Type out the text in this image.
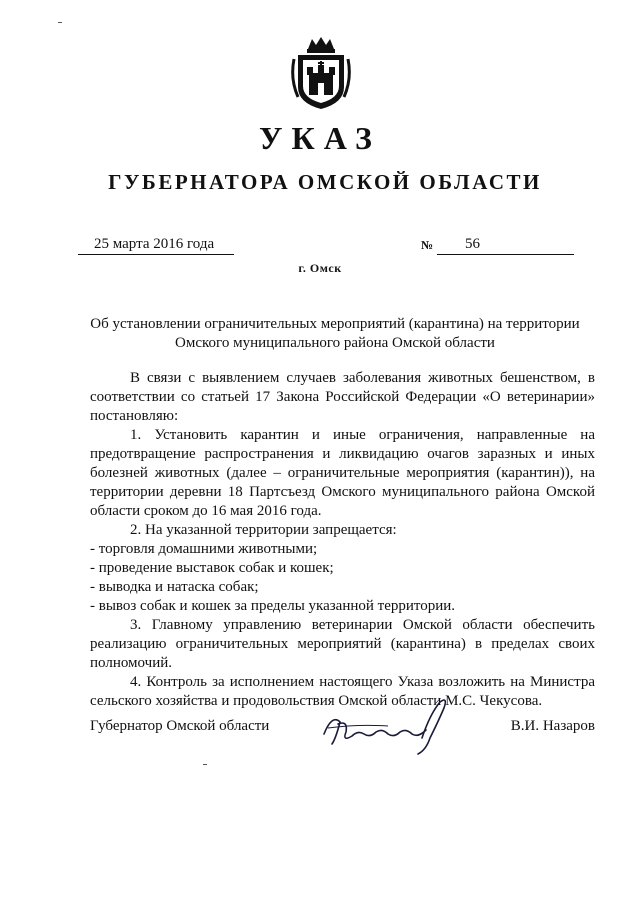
УКАЗ
ГУБЕРНАТОРА ОМСКОЙ ОБЛАСТИ
25 марта 2016 года	№	56
г. Омск

Об установлении ограничительных мероприятий (карантина) на территории Омского муниципального района Омской области

В связи с выявлением случаев заболевания животных бешенством, в соответствии со статьей 17 Закона Российской Федерации «О ветеринарии» постановляю:

1. Установить карантин и иные ограничения, направленные на предотвращение распространения и ликвидацию очагов заразных и иных болезней животных (далее – ограничительные мероприятия (карантин)), на территории деревни 18 Партсъезд Омского муниципального района Омской области сроком до 16 мая 2016 года.

2. На указанной территории запрещается:

- торговля домашними животными;

- проведение выставок собак и кошек;

- выводка и натаска собак;

- вывоз собак и кошек за пределы указанной территории.

3. Главному управлению ветеринарии Омской области обеспечить реализацию ограничительных мероприятий (карантина) в пределах своих полномочий.

4. Контроль за исполнением настоящего Указа возложить на Министра сельского хозяйства и продовольствия Омской области М.С. Чекусова.

Губернатор Омской области	В.И. Назаров
